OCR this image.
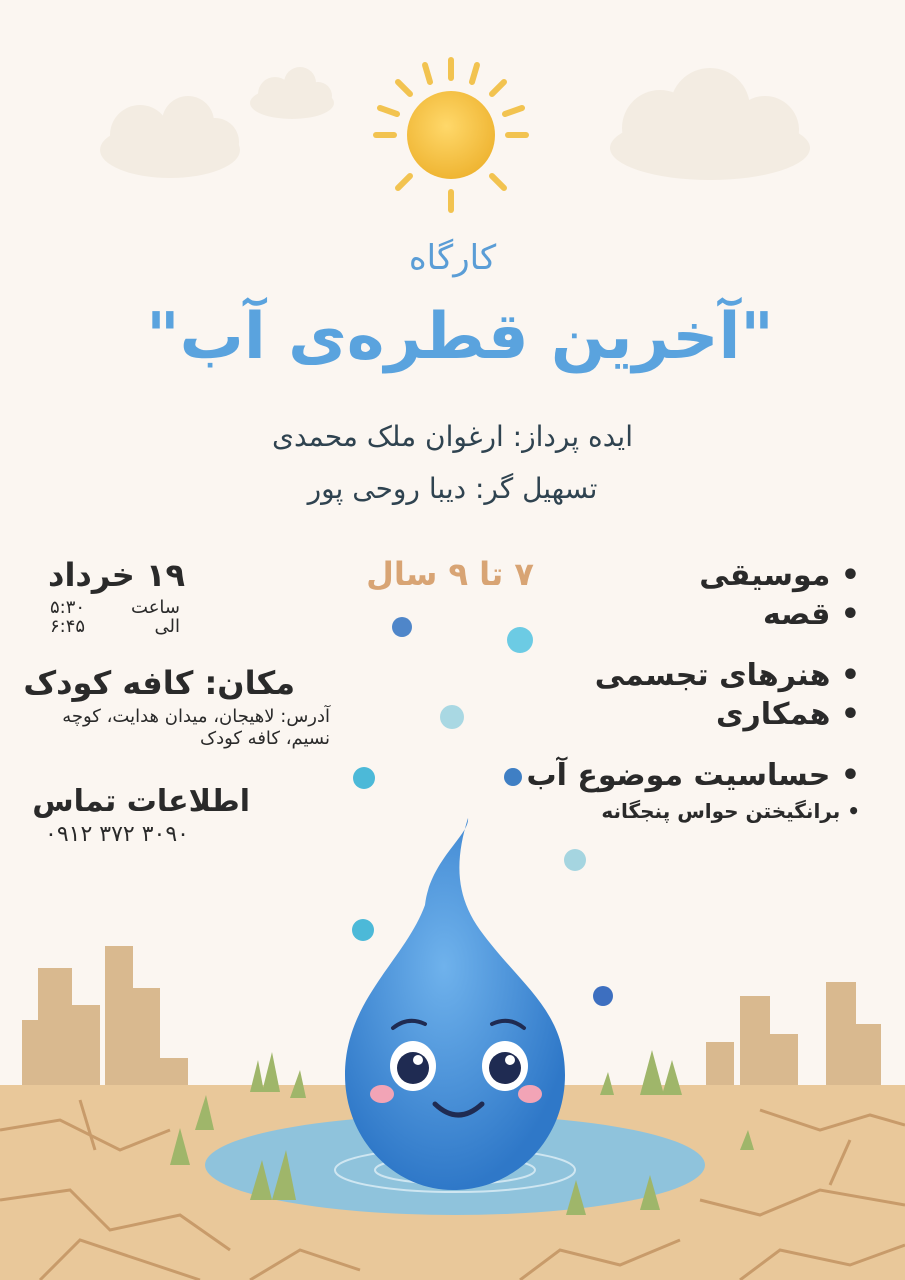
کارگاه
"آخرین قطره‌ی آب"
ایده پرداز: ارغوان ملک محمدی
تسهیل گر: دیبا روحی پور
۷ تا ۹ سال
۱۹ خرداد
ساعت
۵:۳۰
الی
۶:۴۵
مکان: کافه کودک
آدرس: لاهیجان، میدان هدایت، کوچه نسیم، کافه کودک
اطلاعات تماس
۰۹۱۲ ۳۷۲ ۳۰۹۰
• موسیقی
• قصه
• هنرهای تجسمی
• همکاری
• حساسیت موضوع آب
• برانگیختن حواس پنجگانه
